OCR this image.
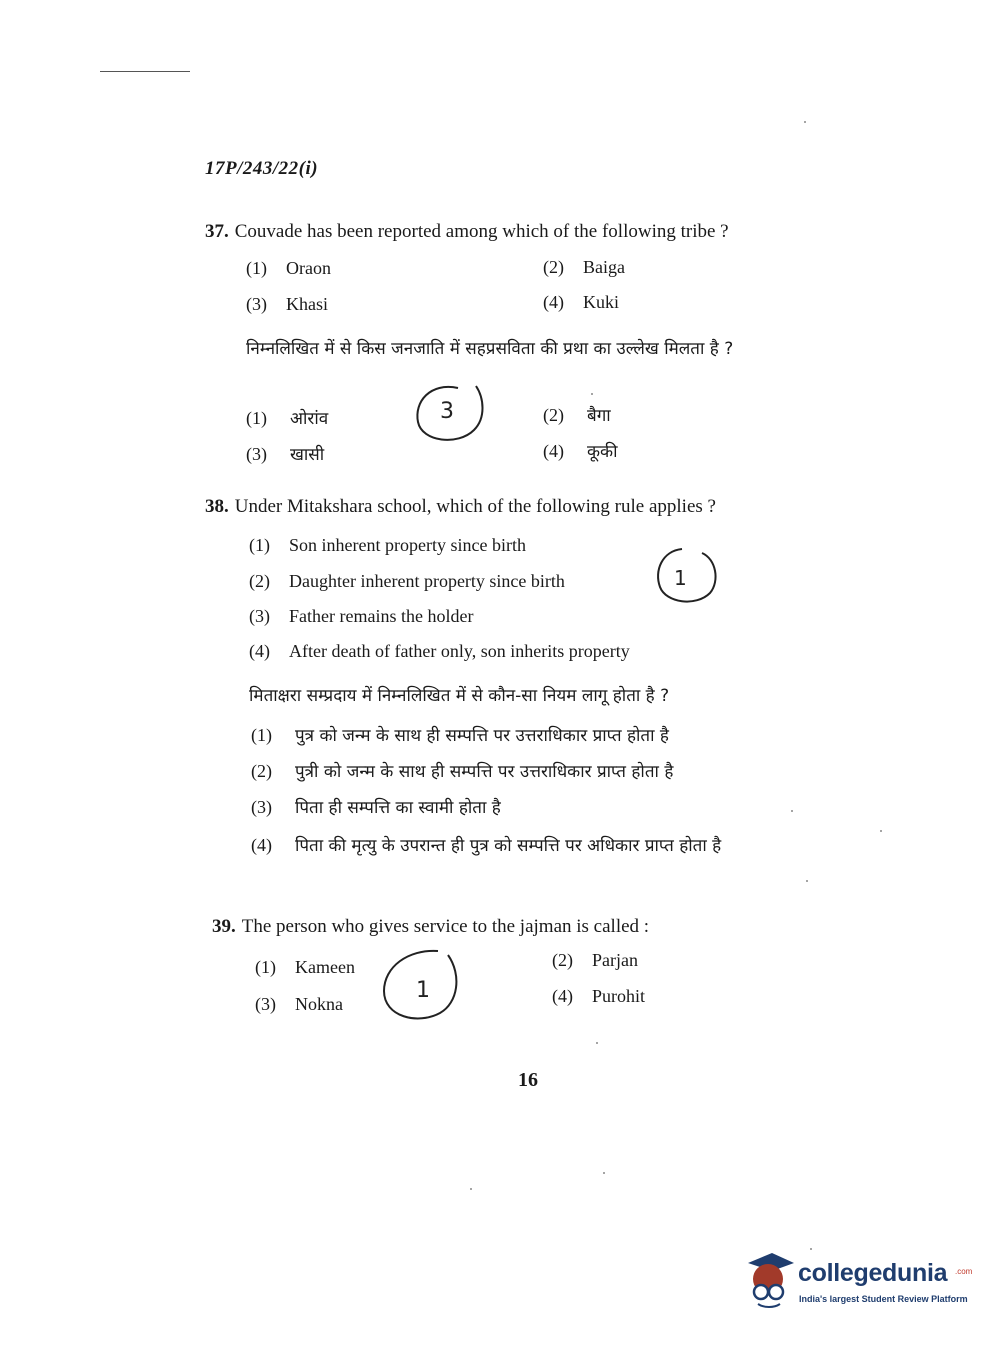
17P/243/22(i)
37. Couvade has been reported among which of the following tribe ?
(1) Oraon	(2) Baiga
(3) Khasi	(4) Kuki
निम्नलिखित में से किस जनजाति में सहप्रसविता की प्रथा का उल्लेख मिलता है ?
(1) ओरांव	(2) बैगा
(3) खासी	(4) कूकी
3
38. Under Mitakshara school, which of the following rule applies ?
(1) Son inherent property since birth
(2) Daughter inherent property since birth
(3) Father remains the holder
(4) After death of father only, son inherits property
1
मिताक्षरा सम्प्रदाय में निम्नलिखित में से कौन-सा नियम लागू होता है ?
(1) पुत्र को जन्म के साथ ही सम्पत्ति पर उत्तराधिकार प्राप्त होता है
(2) पुत्री को जन्म के साथ ही सम्पत्ति पर उत्तराधिकार प्राप्त होता है
(3) पिता ही सम्पत्ति का स्वामी होता है
(4) पिता की मृत्यु के उपरान्त ही पुत्र को सम्पत्ति पर अधिकार प्राप्त होता है
39. The person who gives service to the jajman is called :
(1) Kameen	(2) Parjan
(3) Nokna	(4) Purohit
1
16
collegedunia .com
India's largest Student Review Platform
